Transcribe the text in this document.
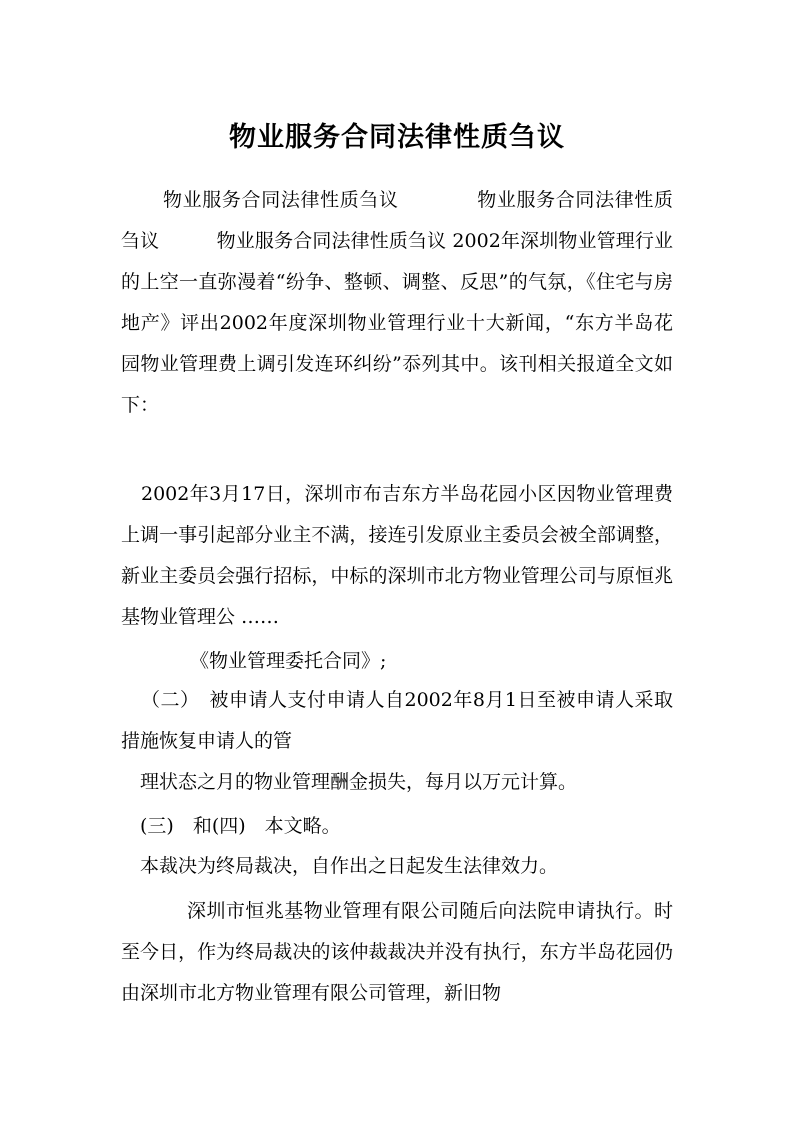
物业服务合同法律性质刍议

物业服务合同法律性质刍议　　　　物业服务合同法律性质刍议　　　物业服务合同法律性质刍议 2002年深圳物业管理行业的上空一直弥漫着“纷争、整顿、调整、反思”的气氛，《住宅与房地产》评出2002年度深圳物业管理行业十大新闻，“东方半岛花园物业管理费上调引发连环纠纷”忝列其中。该刊相关报道全文如下：

2002年3月17日，深圳市布吉东方半岛花园小区因物业管理费上调一事引起部分业主不满，接连引发原业主委员会被全部调整，新业主委员会强行招标，中标的深圳市北方物业管理公司与原恒兆基物业管理公 ……

《物业管理委托合同》;

（二）　被申请人支付申请人自2002年8月1日至被申请人采取措施恢复申请人的管

理状态之月的物业管理酬金损失，每月以万元计算。

(三)　和(四)　本文略。

本裁决为终局裁决，自作出之日起发生法律效力。

深圳市恒兆基物业管理有限公司随后向法院申请执行。时至今日，作为终局裁决的该仲裁裁决并没有执行，东方半岛花园仍由深圳市北方物业管理有限公司管理，新旧物
